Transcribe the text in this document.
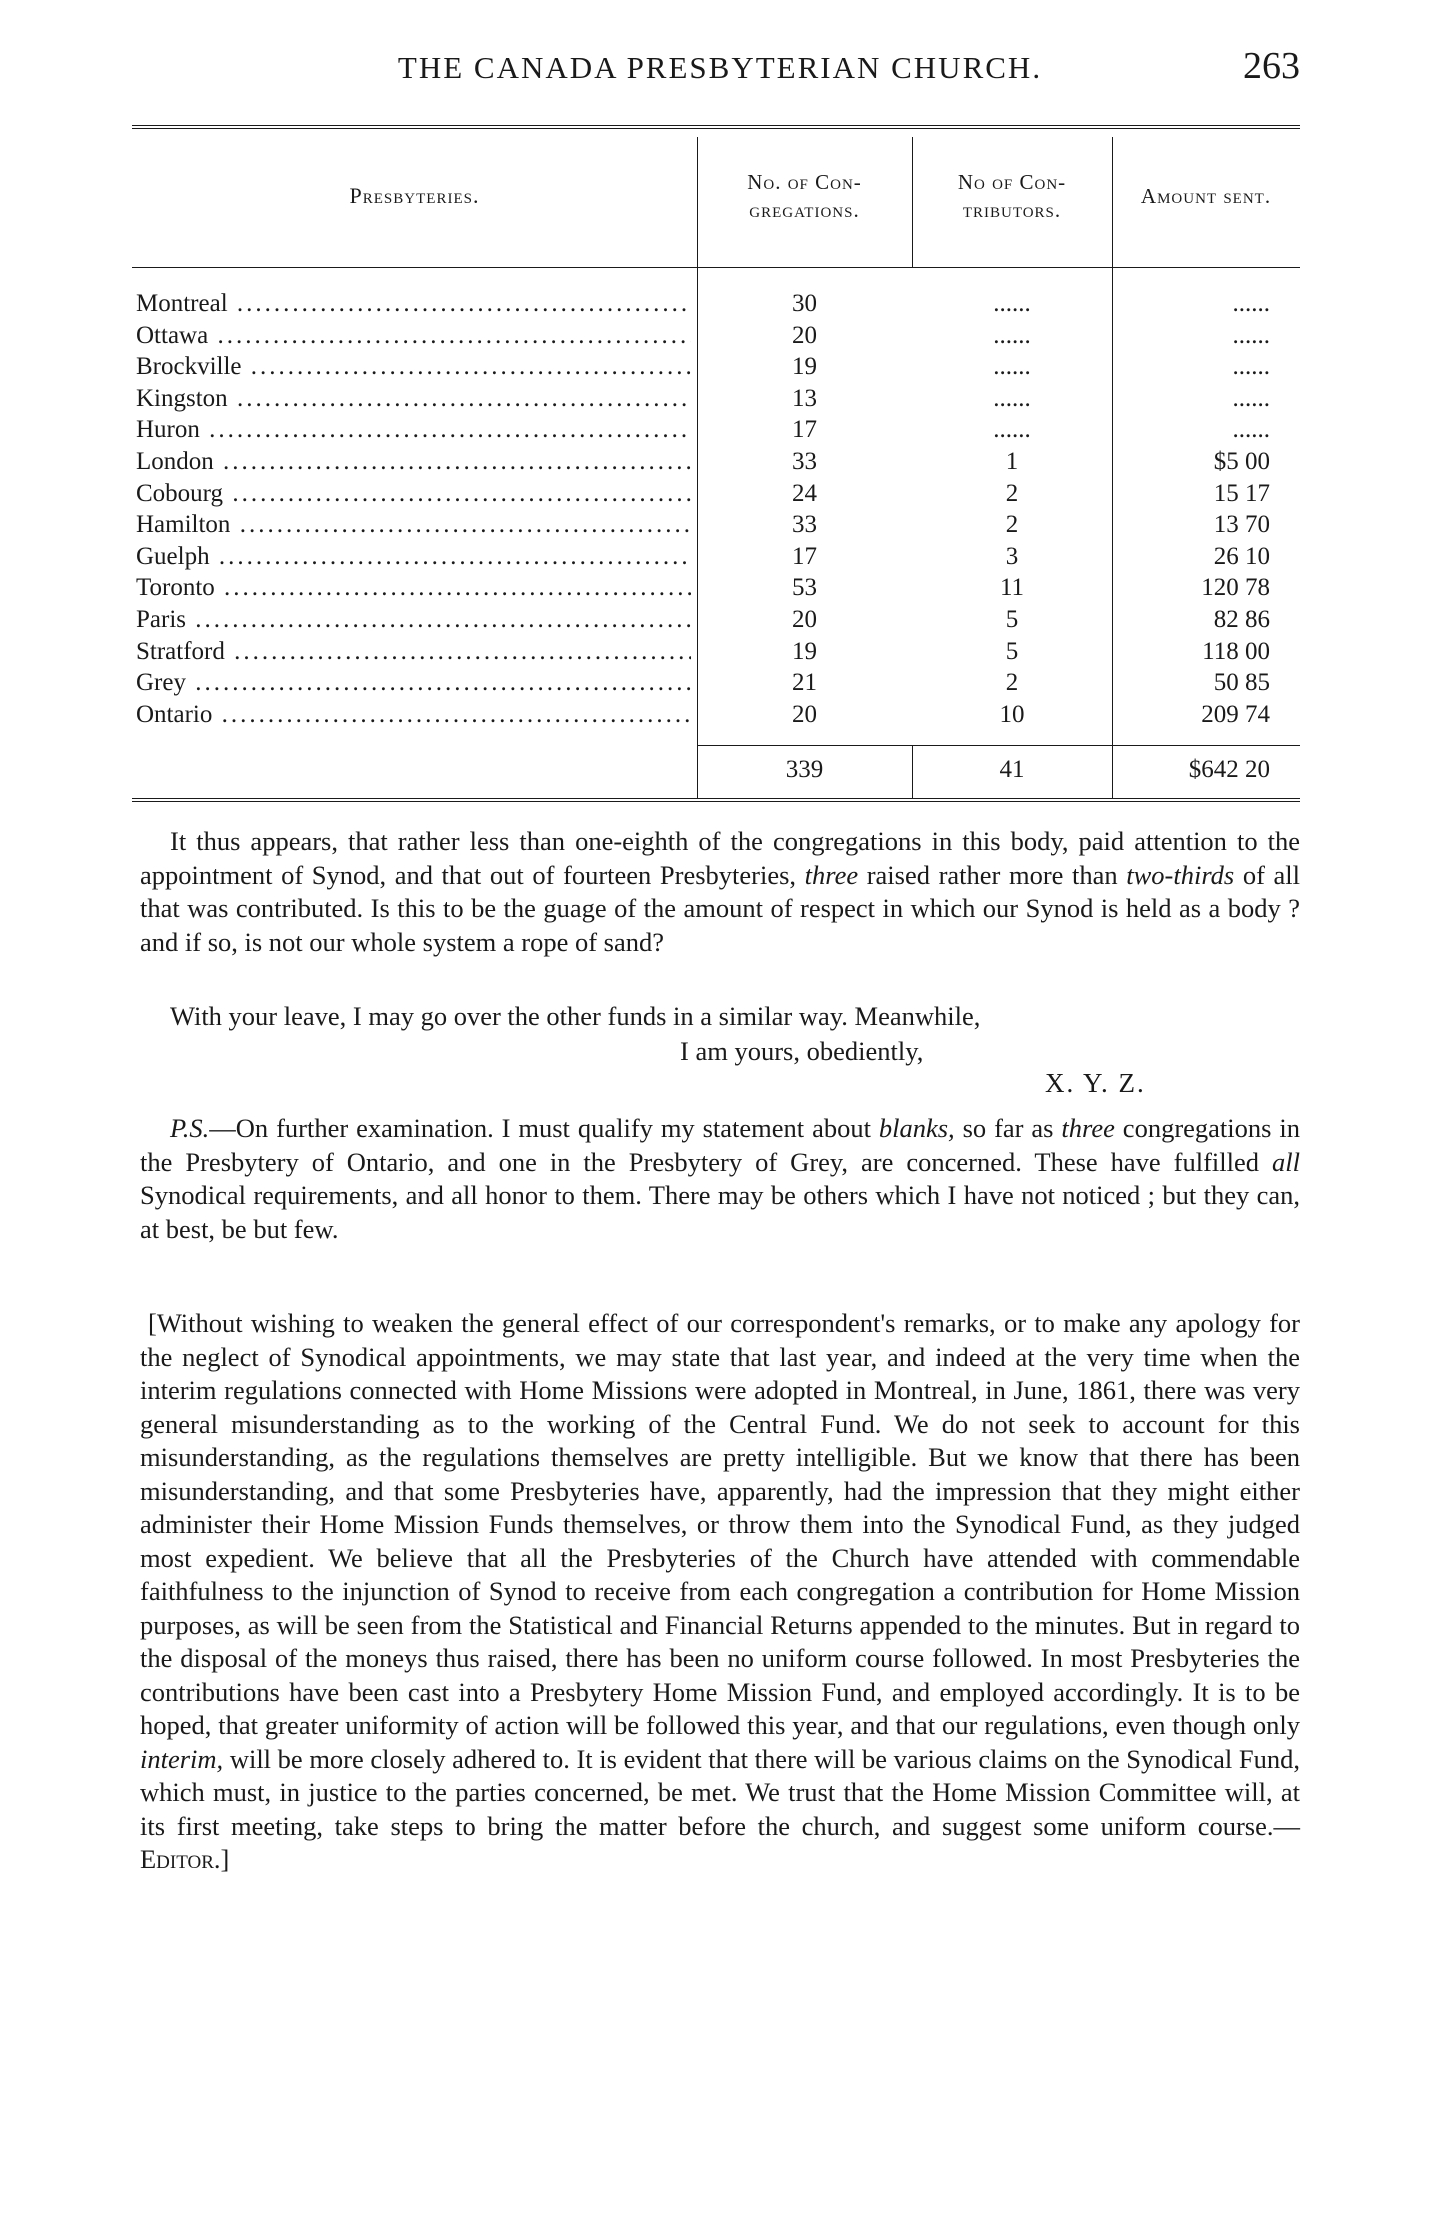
THE CANADA PRESBYTERIAN CHURCH.	263
Presbyteries.
No. of Con- gregations.
No of Con- tributors.
Amount sent.
Montreal .....	30	......	......
Ottawa .....	20	......	......
Brockville .....	19	......	......
Kingston .....	13	......	......
Huron .....	17	......	......
London .....	33	1	$5 00
Cobourg .....	24	2	15 17
Hamilton .....	33	2	13 70
Guelph .....	17	3	26 10
Toronto .....	53	11	120 78
Paris .....	20	5	82 86
Stratford .....	19	5	118 00
Grey .....	21	2	50 85
Ontario .....	20	10	209 74
339	41	$642 20

It thus appears, that rather less than one-eighth of the congregations in this body, paid attention to the appointment of Synod, and that out of fourteen Presbyteries, three raised rather more than two-thirds of all that was contributed. Is this to be the guage of the amount of respect in which our Synod is held as a body ? and if so, is not our whole system a rope of sand?

With your leave, I may go over the other funds in a similar way. Meanwhile,

I am yours, obediently,
X. Y. Z.

P.S.—On further examination. I must qualify my statement about blanks, so far as three congregations in the Presbytery of Ontario, and one in the Presbytery of Grey, are concerned. These have fulfilled all Synodical requirements, and all honor to them. There may be others which I have not noticed ; but they can, at best, be but few.

[Without wishing to weaken the general effect of our correspondent's remarks, or to make any apology for the neglect of Synodical appointments, we may state that last year, and indeed at the very time when the interim regulations connected with Home Missions were adopted in Montreal, in June, 1861, there was very general misunderstanding as to the working of the Central Fund. We do not seek to account for this misunderstanding, as the regulations themselves are pretty intelligible. But we know that there has been misunderstanding, and that some Presbyteries have, apparently, had the impression that they might either administer their Home Mission Funds themselves, or throw them into the Synodical Fund, as they judged most expedient. We believe that all the Presbyteries of the Church have attended with commendable faithfulness to the injunction of Synod to receive from each congregation a contribution for Home Mission purposes, as will be seen from the Statistical and Financial Returns appended to the minutes. But in regard to the disposal of the moneys thus raised, there has been no uniform course followed. In most Presbyteries the contributions have been cast into a Presbytery Home Mission Fund, and employed accordingly. It is to be hoped, that greater uniformity of action will be followed this year, and that our regulations, even though only interim, will be more closely adhered to. It is evident that there will be various claims on the Synodical Fund, which must, in justice to the parties concerned, be met. We trust that the Home Mission Committee will, at its first meeting, take steps to bring the matter before the church, and suggest some uniform course.—Editor.]
